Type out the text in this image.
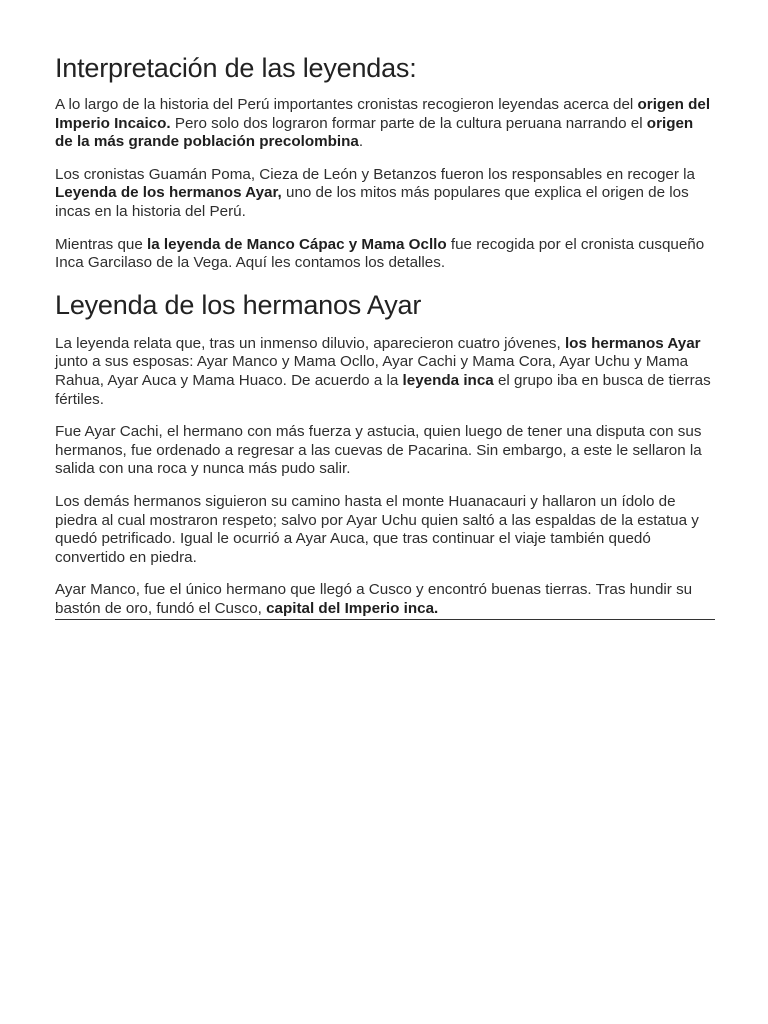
Interpretación de las leyendas:

A lo largo de la historia del Perú importantes cronistas recogieron leyendas acerca del origen del Imperio Incaico. Pero solo dos lograron formar parte de la cultura peruana narrando el origen de la más grande población precolombina.

Los cronistas Guamán Poma, Cieza de León y Betanzos fueron los responsables en recoger la Leyenda de los hermanos Ayar, uno de los mitos más populares que explica el origen de los incas en la historia del Perú.

Mientras que la leyenda de Manco Cápac y Mama Ocllo fue recogida por el cronista cusqueño Inca Garcilaso de la Vega. Aquí les contamos los detalles.

Leyenda de los hermanos Ayar

La leyenda relata que, tras un inmenso diluvio, aparecieron cuatro jóvenes, los hermanos Ayar junto a sus esposas: Ayar Manco y Mama Ocllo, Ayar Cachi y Mama Cora, Ayar Uchu y Mama Rahua, Ayar Auca y Mama Huaco. De acuerdo a la leyenda inca el grupo iba en busca de tierras fértiles.

Fue Ayar Cachi, el hermano con más fuerza y astucia, quien luego de tener una disputa con sus hermanos, fue ordenado a regresar a las cuevas de Pacarina. Sin embargo, a este le sellaron la salida con una roca y nunca más pudo salir.

Los demás hermanos siguieron su camino hasta el monte Huanacauri y hallaron un ídolo de piedra al cual mostraron respeto; salvo por Ayar Uchu quien saltó a las espaldas de la estatua y quedó petrificado. Igual le ocurrió a Ayar Auca, que tras continuar el viaje también quedó convertido en piedra.

Ayar Manco, fue el único hermano que llegó a Cusco y encontró buenas tierras. Tras hundir su bastón de oro, fundó el Cusco, capital del Imperio inca.
